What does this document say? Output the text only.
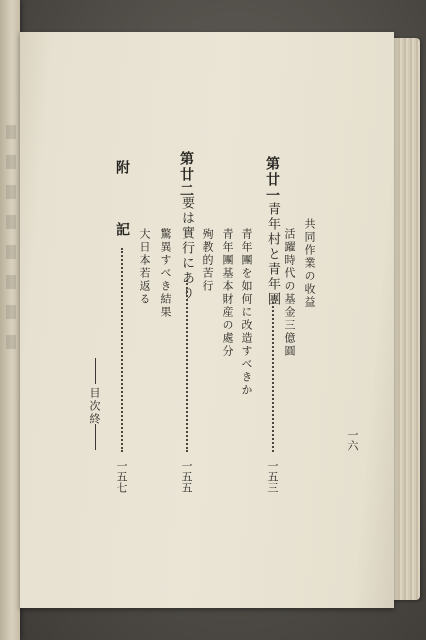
第廿一
青年村と青年團
一五三
共同作業の收益
活躍時代の基金三億圓
青年團を如何に改造すべきか
青年團基本財産の處分
殉教的苦行
第廿二
要は實行にあり
一五五
驚異すべき結果
大日本若返る
附
記
一五七
目次終
一六
